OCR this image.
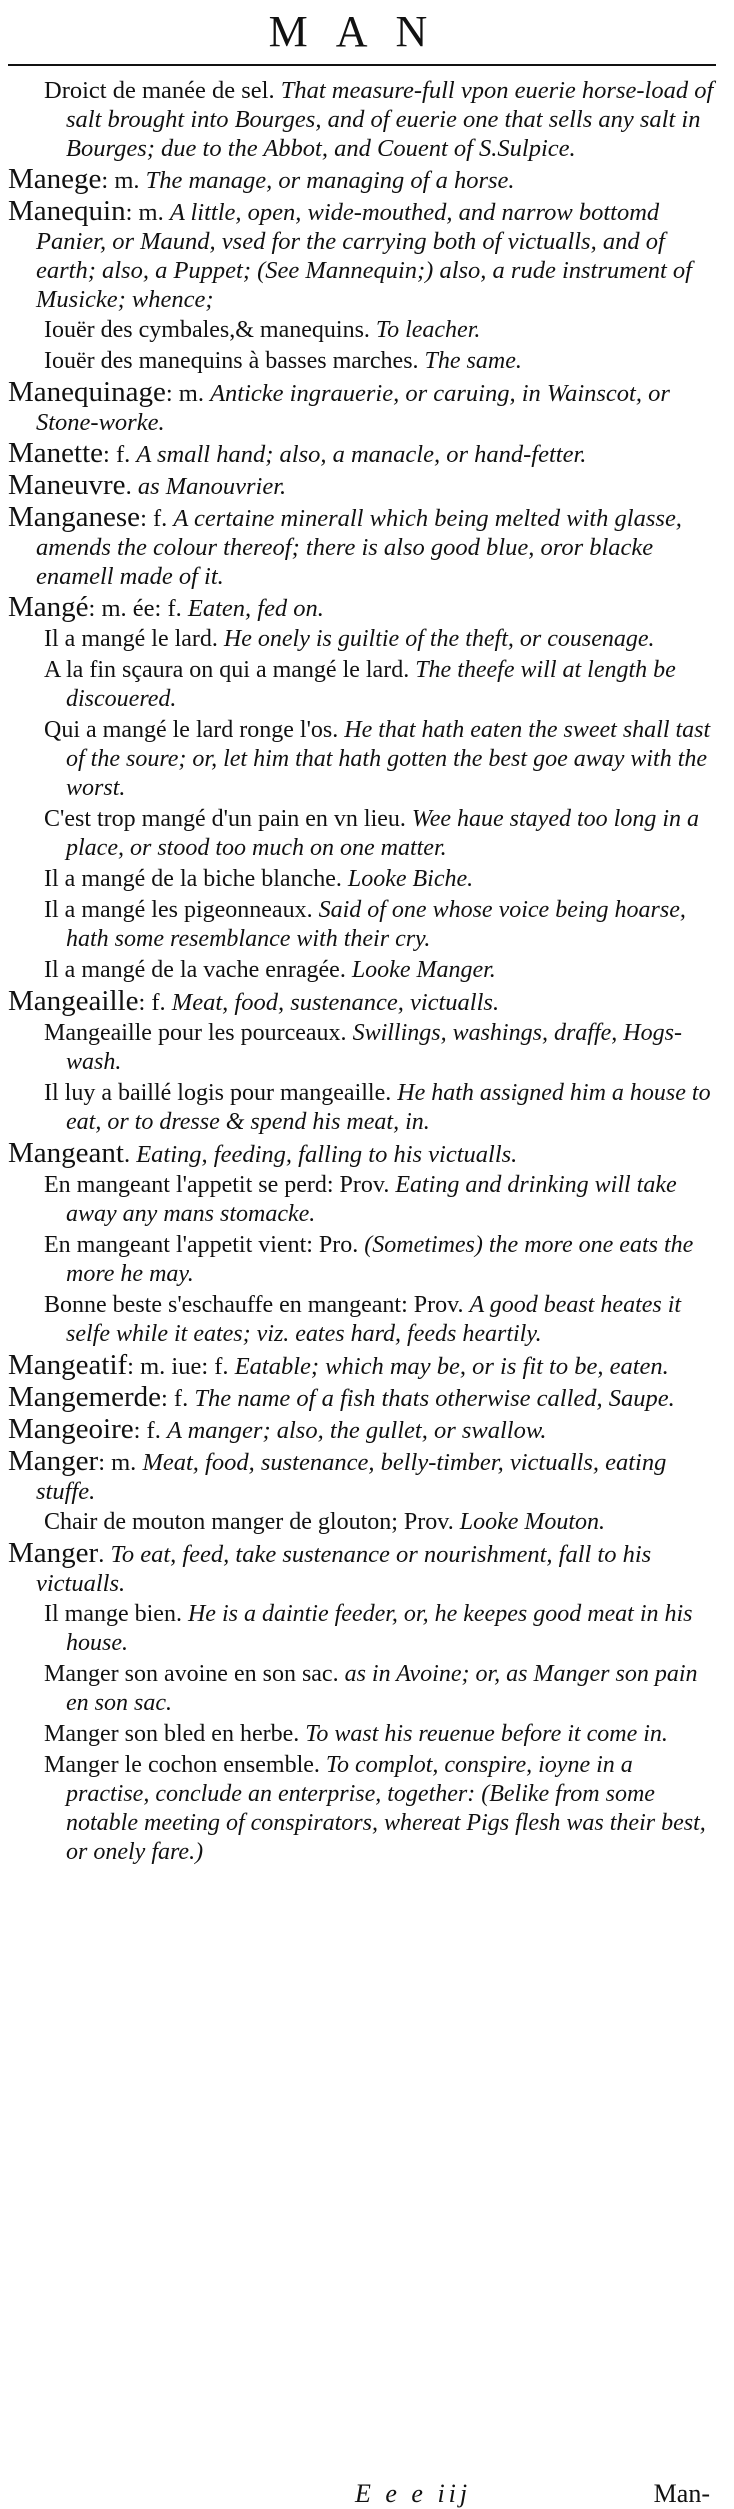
MAN
Droict de manée de sel. That measure-full vpon euerie horse-load of salt brought into Bourges, and of euerie one that sells any salt in Bourges; due to the Abbot, and Couent of S.Sulpice.
Manege: m. The manage, or managing of a horse.
Manequin: m. A little, open, wide-mouthed, and narrow bottomd Panier, or Maund, vsed for the carrying both of victualls, and of earth; also, a Puppet; (See Mannequin;) also, a rude instrument of Musicke; whence;
Iouër des cymbales,& manequins. To leacher.
Iouër des manequins à basses marches. The same.
Manequinage: m. Anticke ingrauerie, or caruing, in Wainscot, or Stone-worke.
Manette: f. A small hand; also, a manacle, or hand-fetter.
Maneuvre. as Manouvrier.
Manganese: f. A certaine minerall which being melted with glasse, amends the colour thereof; there is also good blue, oror blacke enamell made of it.
Mangé: m. ée: f. Eaten, fed on.
Il a mangé le lard. He onely is guiltie of the theft, or cousenage.
A la fin sçaura on qui a mangé le lard. The theefe will at length be discouered.
Qui a mangé le lard ronge l'os. He that hath eaten the sweet shall tast of the soure; or, let him that hath gotten the best goe away with the worst.
C'est trop mangé d'un pain en vn lieu. Wee haue stayed too long in a place, or stood too much on one matter.
Il a mangé de la biche blanche. Looke Biche.
Il a mangé les pigeonneaux. Said of one whose voice being hoarse, hath some resemblance with their cry.
Il a mangé de la vache enragée. Looke Manger.
Mangeaille: f. Meat, food, sustenance, victualls.
Mangeaille pour les pourceaux. Swillings, washings, draffe, Hogs-wash.
Il luy a baillé logis pour mangeaille. He hath assigned him a house to eat, or to dresse & spend his meat, in.
Mangeant. Eating, feeding, falling to his victualls.
En mangeant l'appetit se perd: Prov. Eating and drinking will take away any mans stomacke.
En mangeant l'appetit vient: Pro. (Sometimes) the more one eats the more he may.
Bonne beste s'eschauffe en mangeant: Prov. A good beast heates it selfe while it eates; viz. eates hard, feeds heartily.
Mangeatif: m. iue: f. Eatable; which may be, or is fit to be, eaten.
Mangemerde: f. The name of a fish thats otherwise called, Saupe.
Mangeoire: f. A manger; also, the gullet, or swallow.
Manger: m. Meat, food, sustenance, belly-timber, victualls, eating stuffe.
Chair de mouton manger de glouton; Prov. Looke Mouton.
Manger. To eat, feed, take sustenance or nourishment, fall to his victualls.
Il mange bien. He is a daintie feeder, or, he keepes good meat in his house.
Manger son avoine en son sac. as in Avoine; or, as Manger son pain en son sac.
Manger son bled en herbe. To wast his reuenue before it come in.
Manger le cochon ensemble. To complot, conspire, ioyne in a practise, conclude an enterprise, together: (Belike from some notable meeting of conspirators, whereat Pigs flesh was their best, or onely fare.)
E e e iij	Man-
